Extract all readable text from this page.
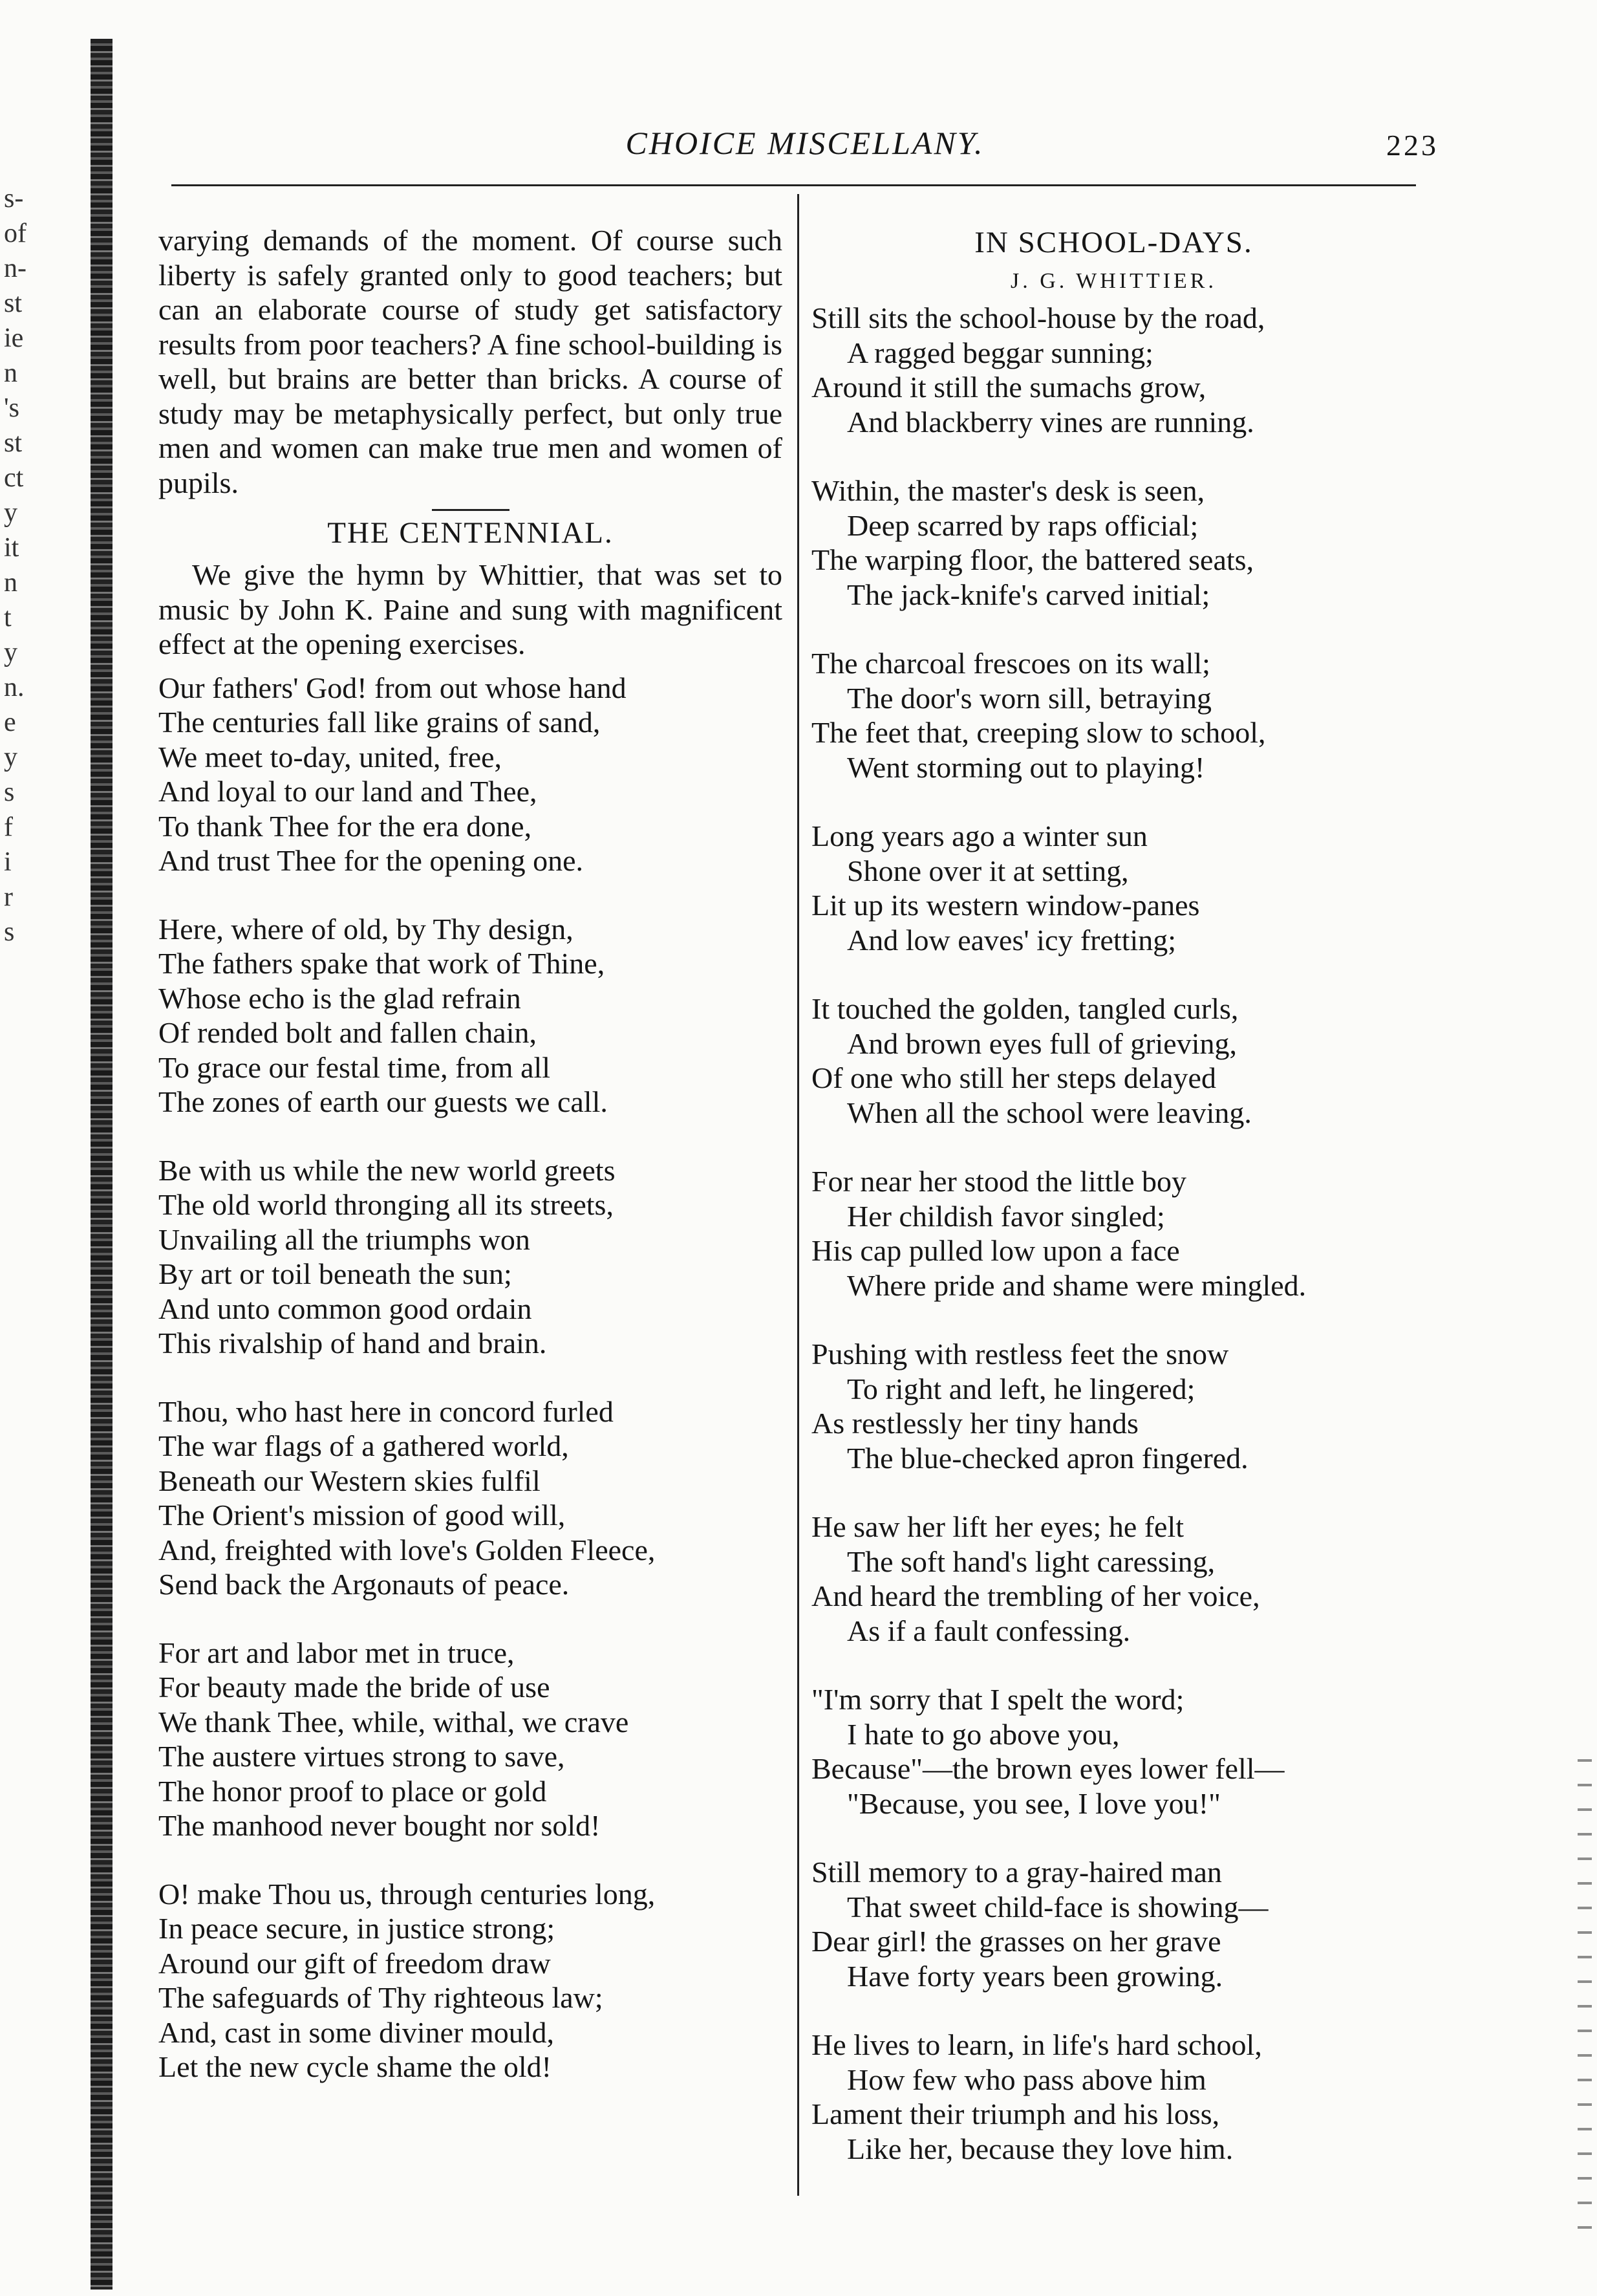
s-
of
n-
st
ie
n
's
st
ct
y
it
n
t
y
n.
e
y
s
f
i
r
s
CHOICE MISCELLANY.	223

varying demands of the moment. Of course such liberty is safely granted only to good teachers; but can an elaborate course of study get satisfactory results from poor teachers? A fine school-building is well, but brains are better than bricks. A course of study may be metaphysically perfect, but only true men and women can make true men and women of pupils.

THE CENTENNIAL.

We give the hymn by Whittier, that was set to music by John K. Paine and sung with magnificent effect at the opening exercises.

Our fathers' God! from out whose hand
The centuries fall like grains of sand,
We meet to-day, united, free,
And loyal to our land and Thee,
To thank Thee for the era done,
And trust Thee for the opening one.
Here, where of old, by Thy design,
The fathers spake that work of Thine,
Whose echo is the glad refrain
Of rended bolt and fallen chain,
To grace our festal time, from all
The zones of earth our guests we call.
Be with us while the new world greets
The old world thronging all its streets,
Unvailing all the triumphs won
By art or toil beneath the sun;
And unto common good ordain
This rivalship of hand and brain.
Thou, who hast here in concord furled
The war flags of a gathered world,
Beneath our Western skies fulfil
The Orient's mission of good will,
And, freighted with love's Golden Fleece,
Send back the Argonauts of peace.
For art and labor met in truce,
For beauty made the bride of use
We thank Thee, while, withal, we crave
The austere virtues strong to save,
The honor proof to place or gold
The manhood never bought nor sold!
O! make Thou us, through centuries long,
In peace secure, in justice strong;
Around our gift of freedom draw
The safeguards of Thy righteous law;
And, cast in some diviner mould,
Let the new cycle shame the old!

IN SCHOOL-DAYS.

J. G. WHITTIER.

Still sits the school-house by the road,
A ragged beggar sunning;
Around it still the sumachs grow,
And blackberry vines are running.
Within, the master's desk is seen,
Deep scarred by raps official;
The warping floor, the battered seats,
The jack-knife's carved initial;
The charcoal frescoes on its wall;
The door's worn sill, betraying
The feet that, creeping slow to school,
Went storming out to playing!
Long years ago a winter sun
Shone over it at setting,
Lit up its western window-panes
And low eaves' icy fretting;
It touched the golden, tangled curls,
And brown eyes full of grieving,
Of one who still her steps delayed
When all the school were leaving.
For near her stood the little boy
Her childish favor singled;
His cap pulled low upon a face
Where pride and shame were mingled.
Pushing with restless feet the snow
To right and left, he lingered;
As restlessly her tiny hands
The blue-checked apron fingered.
He saw her lift her eyes; he felt
The soft hand's light caressing,
And heard the trembling of her voice,
As if a fault confessing.
"I'm sorry that I spelt the word;
I hate to go above you,
Because"—the brown eyes lower fell—
"Because, you see, I love you!"
Still memory to a gray-haired man
That sweet child-face is showing—
Dear girl! the grasses on her grave
Have forty years been growing.
He lives to learn, in life's hard school,
How few who pass above him
Lament their triumph and his loss,
Like her, because they love him.
